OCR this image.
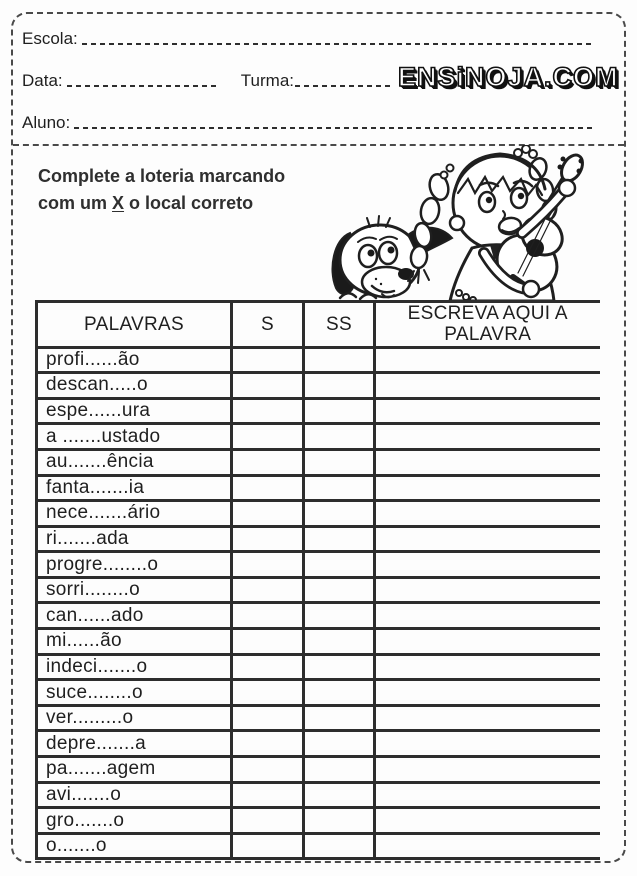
Escola:
Data:	Turma:	ENSiNOJA.COM
Aluno:
Complete a loteria marcando
com um X o local correto
PALAVRAS	S	SS	ESCREVA AQUI A PALAVRA
profi......ão			
descan.....o			
espe......ura			
a .......ustado			
au.......ência			
fanta.......ia			
nece.......ário			
ri.......ada			
progre........o			
sorri........o			
can......ado			
mi......ão			
indeci.......o			
suce........o			
ver.........o			
depre.......a			
pa.......agem			
avi.......o			
gro.......o			
o.......o			
